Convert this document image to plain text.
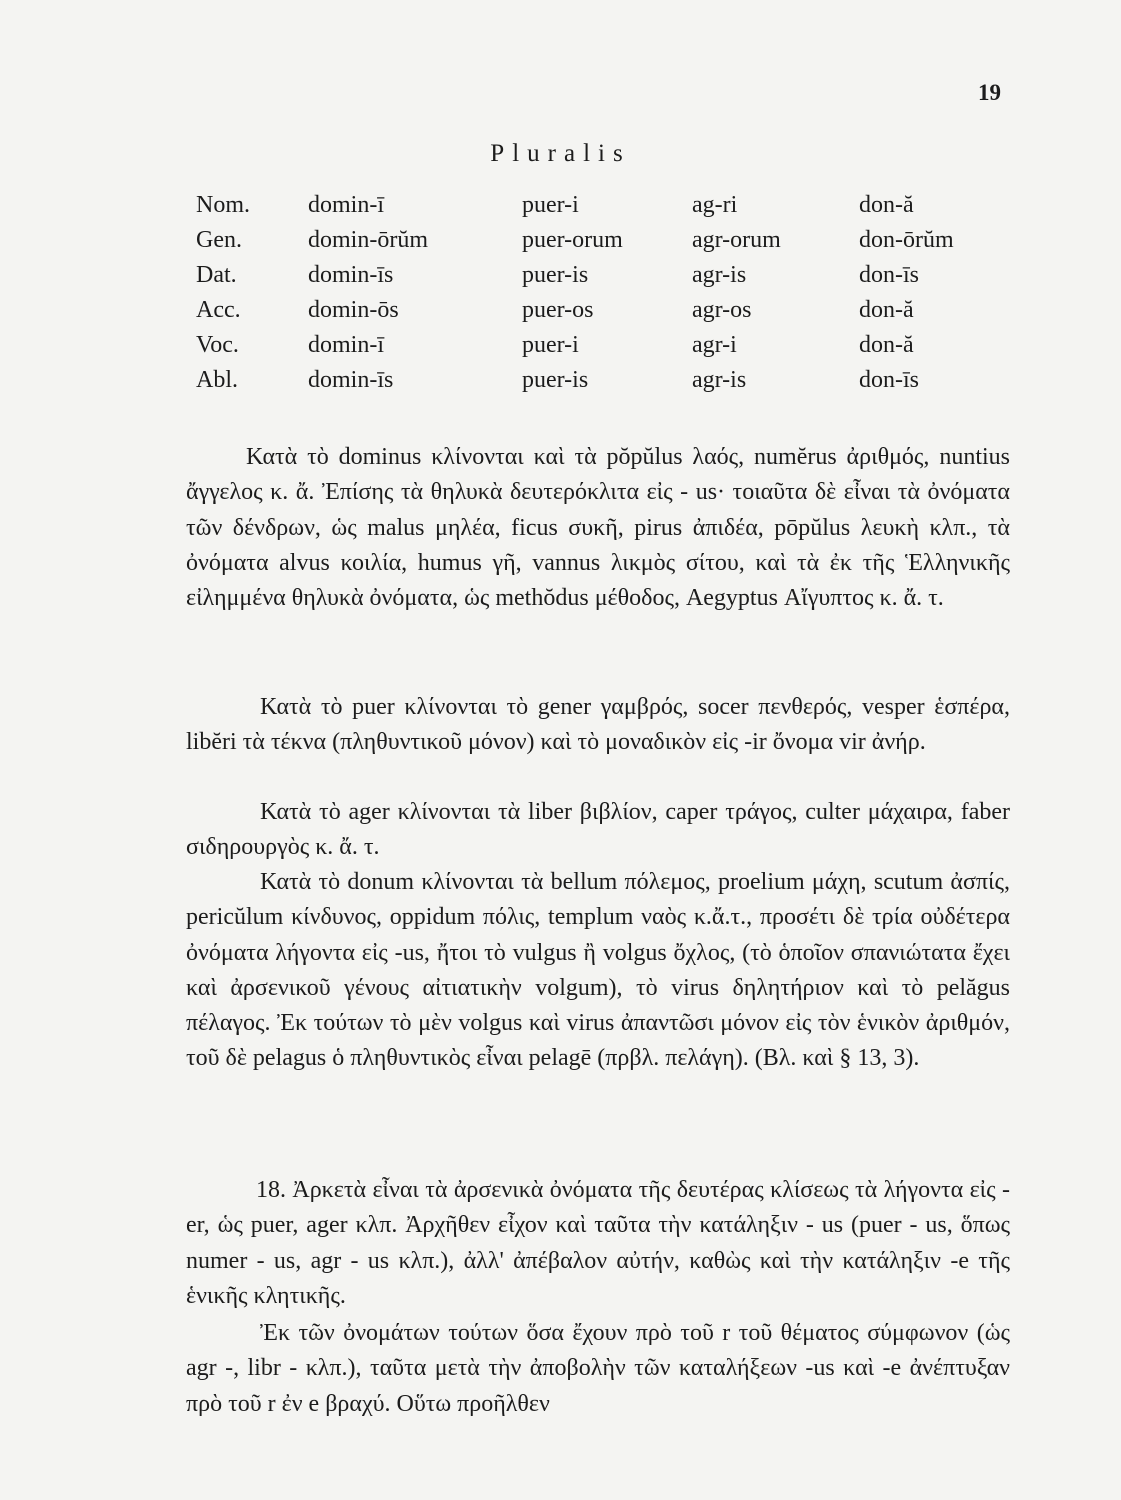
19
Pluralis
Nom. domin-ī	puer-i	ag-ri	don-ă
Gen.	domin-ōrŭm	puer-orum	agr-orum	don-ōrŭm
Dat.	domin-īs	puer-is	agr-is	don-īs
Acc.	domin-ōs	puer-os	agr-os	don-ă
Voc.	domin-ī	puer-i	agr-i	don-ă
Abl.	domin-īs	puer-is	agr-is	don-īs

Κατὰ τὸ dominus κλίνονται καὶ τὰ pŏpŭlus λαός, numĕrus ἀριθμός, nuntius ἄγγελος κ. ἄ. Ἐπίσης τὰ θηλυκὰ δευτερόκλιτα εἰς - us· τοιαῦτα δὲ εἶναι τὰ ὀνόματα τῶν δένδρων, ὡς malus μηλέα, ficus συκῆ, pirus ἀπιδέα, pōpŭlus λευκὴ κλπ., τὰ ὀνόματα alvus κοιλία, humus γῆ, vannus λικμὸς σίτου, καὶ τὰ ἐκ τῆς Ἑλληνικῆς εἰλημμένα θηλυκὰ ὀνόματα, ὡς methŏdus μέθοδος, Aegyptus Αἴγυπτος κ. ἄ. τ.

Κατὰ τὸ puer κλίνονται τὸ gener γαμβρός, socer πενθερός, vesper ἑσπέρα, libĕri τὰ τέκνα (πληθυντικοῦ μόνον) καὶ τὸ μοναδικὸν εἰς -ir ὄνομα vir ἀνήρ.

Κατὰ τὸ ager κλίνονται τὰ liber βιβλίον, caper τράγος, culter μάχαιρα, faber σιδηρουργὸς κ. ἄ. τ.

Κατὰ τὸ donum κλίνονται τὰ bellum πόλεμος, proelium μάχη, scutum ἀσπίς, pericŭlum κίνδυνος, oppidum πόλις, templum ναὸς κ.ἄ.τ., προσέτι δὲ τρία οὐδέτερα ὀνόματα λήγοντα εἰς -us, ἤτοι τὸ vulgus ἢ volgus ὄχλος, (τὸ ὁποῖον σπανιώτατα ἔχει καὶ ἀρσενικοῦ γένους αἰτιατικὴν volgum), τὸ virus δηλητήριον καὶ τὸ pelăgus πέλαγος. Ἐκ τούτων τὸ μὲν volgus καὶ virus ἀπαντῶσι μόνον εἰς τὸν ἑνικὸν ἀριθμόν, τοῦ δὲ pelagus ὁ πληθυντικὸς εἶναι pelagē (πρβλ. πελάγη). (Βλ. καὶ § 13, 3).

18. Ἀρκετὰ εἶναι τὰ ἀρσενικὰ ὀνόματα τῆς δευτέρας κλίσεως τὰ λήγοντα εἰς - er, ὡς puer, ager κλπ. Ἀρχῆθεν εἶχον καὶ ταῦτα τὴν κατάληξιν - us (puer - us, ὅπως numer - us, agr - us κλπ.), ἀλλ' ἀπέβαλον αὐτήν, καθὼς καὶ τὴν κατάληξιν -e τῆς ἑνικῆς κλητικῆς.

Ἐκ τῶν ὀνομάτων τούτων ὅσα ἔχουν πρὸ τοῦ r τοῦ θέματος σύμφωνον (ὡς agr -, libr - κλπ.), ταῦτα μετὰ τὴν ἀποβολὴν τῶν καταλήξεων -us καὶ -e ἀνέπτυξαν πρὸ τοῦ r ἐν e βραχύ. Οὕτω προῆλθεν
